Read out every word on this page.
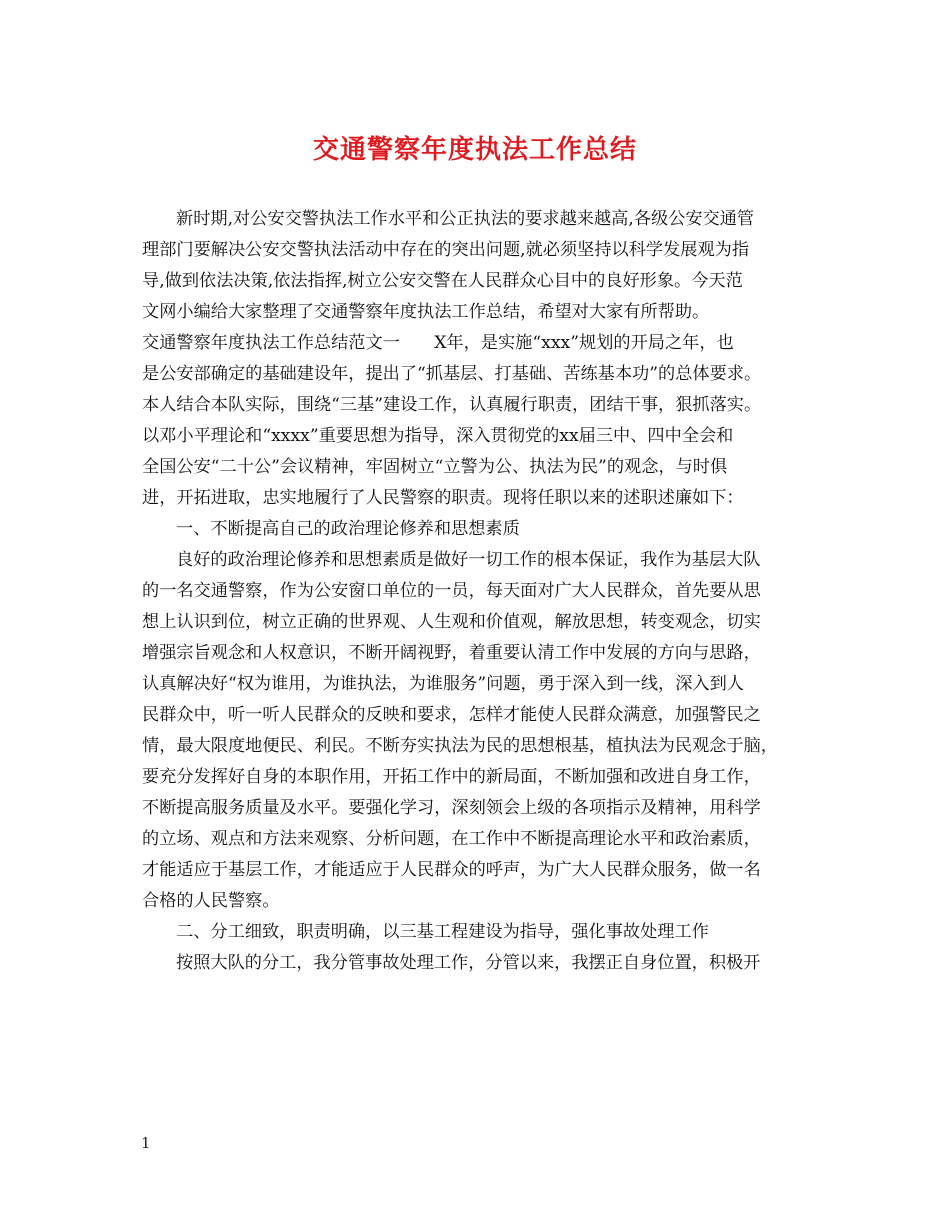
交通警察年度执法工作总结
新时期,对公安交警执法工作水平和公正执法的要求越来越高,各级公安交通管
理部门要解决公安交警执法活动中存在的突出问题,就必须坚持以科学发展观为指
导,做到依法决策,依法指挥,树立公安交警在人民群众心目中的良好形象。今天范
文网小编给大家整理了交通警察年度执法工作总结，希望对大家有所帮助。
交通警察年度执法工作总结范文一　　X年，是实施“xxx”规划的开局之年，也
是公安部确定的基础建设年，提出了“抓基层、打基础、苦练基本功”的总体要求。
本人结合本队实际，围绕“三基”建设工作，认真履行职责，团结干事，狠抓落实。
以邓小平理论和“xxxx”重要思想为指导，深入贯彻党的xx届三中、四中全会和
全国公安“二十公”会议精神，牢固树立“立警为公、执法为民”的观念，与时俱
进，开拓进取，忠实地履行了人民警察的职责。现将任职以来的述职述廉如下：
一、不断提高自己的政治理论修养和思想素质
良好的政治理论修养和思想素质是做好一切工作的根本保证，我作为基层大队
的一名交通警察，作为公安窗口单位的一员，每天面对广大人民群众，首先要从思
想上认识到位，树立正确的世界观、人生观和价值观，解放思想，转变观念，切实
增强宗旨观念和人权意识，不断开阔视野，着重要认清工作中发展的方向与思路，
认真解决好“权为谁用，为谁执法，为谁服务”问题，勇于深入到一线，深入到人
民群众中，听一听人民群众的反映和要求，怎样才能使人民群众满意，加强警民之
情，最大限度地便民、利民。不断夯实执法为民的思想根基，植执法为民观念于脑，
要充分发挥好自身的本职作用，开拓工作中的新局面，不断加强和改进自身工作，
不断提高服务质量及水平。要强化学习，深刻领会上级的各项指示及精神，用科学
的立场、观点和方法来观察、分析问题，在工作中不断提高理论水平和政治素质，
才能适应于基层工作，才能适应于人民群众的呼声，为广大人民群众服务，做一名
合格的人民警察。
二、分工细致，职责明确，以三基工程建设为指导，强化事故处理工作
按照大队的分工，我分管事故处理工作，分管以来，我摆正自身位置，积极开
1
